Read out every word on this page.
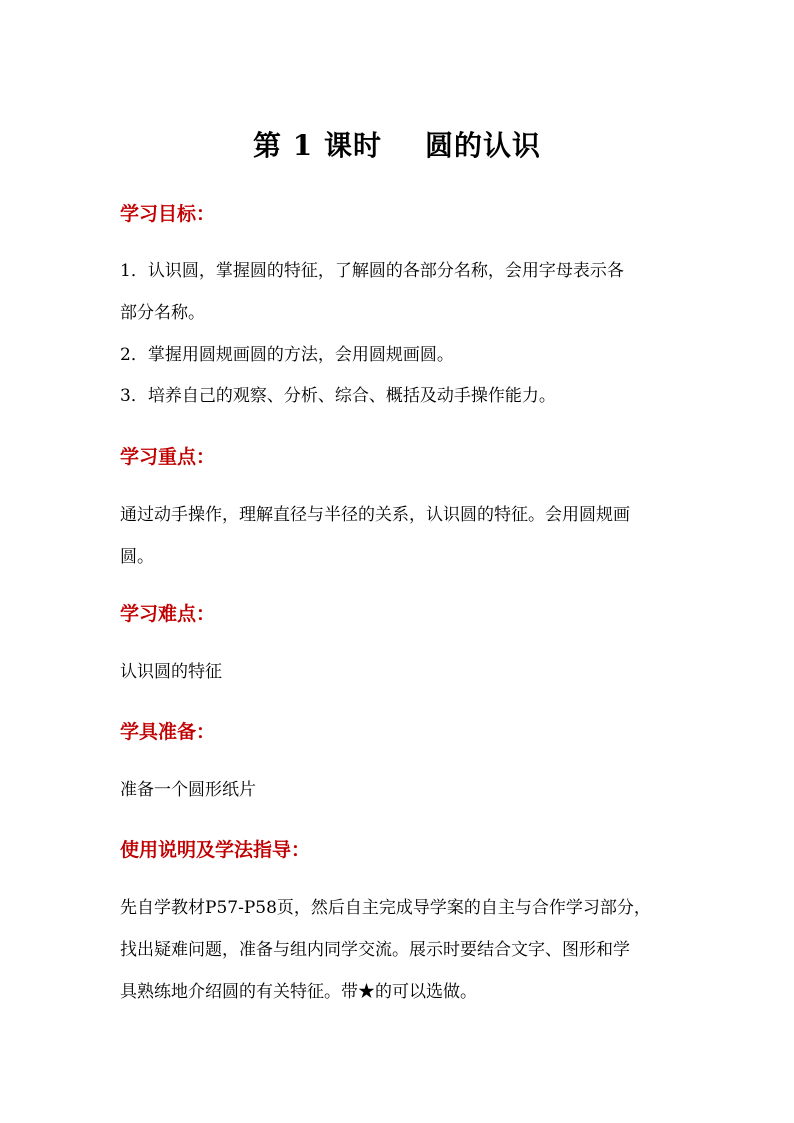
第 1 课时    圆的认识
学习目标：
1．认识圆，掌握圆的特征，了解圆的各部分名称，会用字母表示各
部分名称。
2．掌握用圆规画圆的方法，会用圆规画圆。
3．培养自己的观察、分析、综合、概括及动手操作能力。
学习重点：
通过动手操作，理解直径与半径的关系，认识圆的特征。会用圆规画
圆。
学习难点：
认识圆的特征
学具准备：
准备一个圆形纸片
使用说明及学法指导：
先自学教材P57-P58页，然后自主完成导学案的自主与合作学习部分，
找出疑难问题，准备与组内同学交流。展示时要结合文字、图形和学
具熟练地介绍圆的有关特征。带★的可以选做。
